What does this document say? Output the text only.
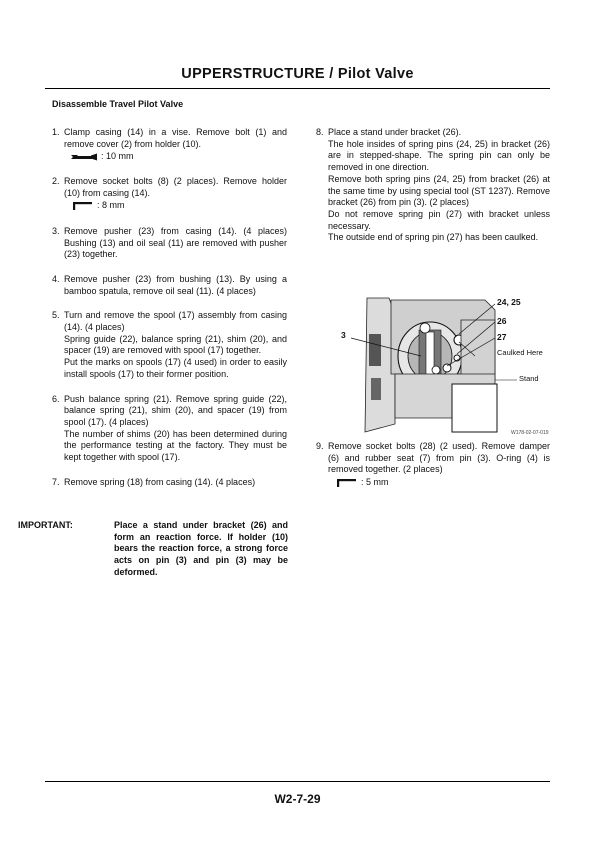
UPPERSTRUCTURE / Pilot Valve
Disassemble Travel Pilot Valve
1. Clamp casing (14) in a vise. Remove bolt (1) and remove cover (2) from holder (10).

: 10 mm
2. Remove socket bolts (8) (2 places). Remove holder (10) from casing (14).

: 8 mm
3. Remove pusher (23) from casing (14). (4 places) Bushing (13) and oil seal (11) are removed with pusher (23) together.

4. Remove pusher (23) from bushing (13). By using a bamboo spatula, remove oil seal (11). (4 places)

5. Turn and remove the spool (17) assembly from casing (14). (4 places)

Spring guide (22), balance spring (21), shim (20), and spacer (19) are removed with spool (17) together.

Put the marks on spools (17) (4 used) in order to easily install spools (17) to their former position.

6. Push balance spring (21). Remove spring guide (22), balance spring (21), shim (20), and spacer (19) from spool (17). (4 places)

The number of shims (20) has been determined during the performance testing at the factory. They must be kept together with spool (17).

7. Remove spring (18) from casing (14). (4 places)

IMPORTANT:	Place a stand under bracket (26) and form an reaction force. If holder (10) bears the reaction force, a strong force acts on pin (3) and pin (3) may be deformed.
8. Place a stand under bracket (26).

The hole insides of spring pins (24, 25) in bracket (26) are in stepped-shape. The spring pin can only be removed in one direction.

Remove both spring pins (24, 25) from bracket (26) at the same time by using special tool (ST 1237). Remove bracket (26) from pin (3). (2 places)

Do not remove spring pin (27) with bracket unless necessary.

The outside end of spring pin (27) has been caulked.

9. Remove socket bolts (28) (2 used). Remove damper (6) and rubber seat (7) from pin (3). O-ring (4) is removed together. (2 places)

: 5 mm
3
24, 25
26
27
Caulked Here
Stand
W178-02-07-019
W2-7-29
